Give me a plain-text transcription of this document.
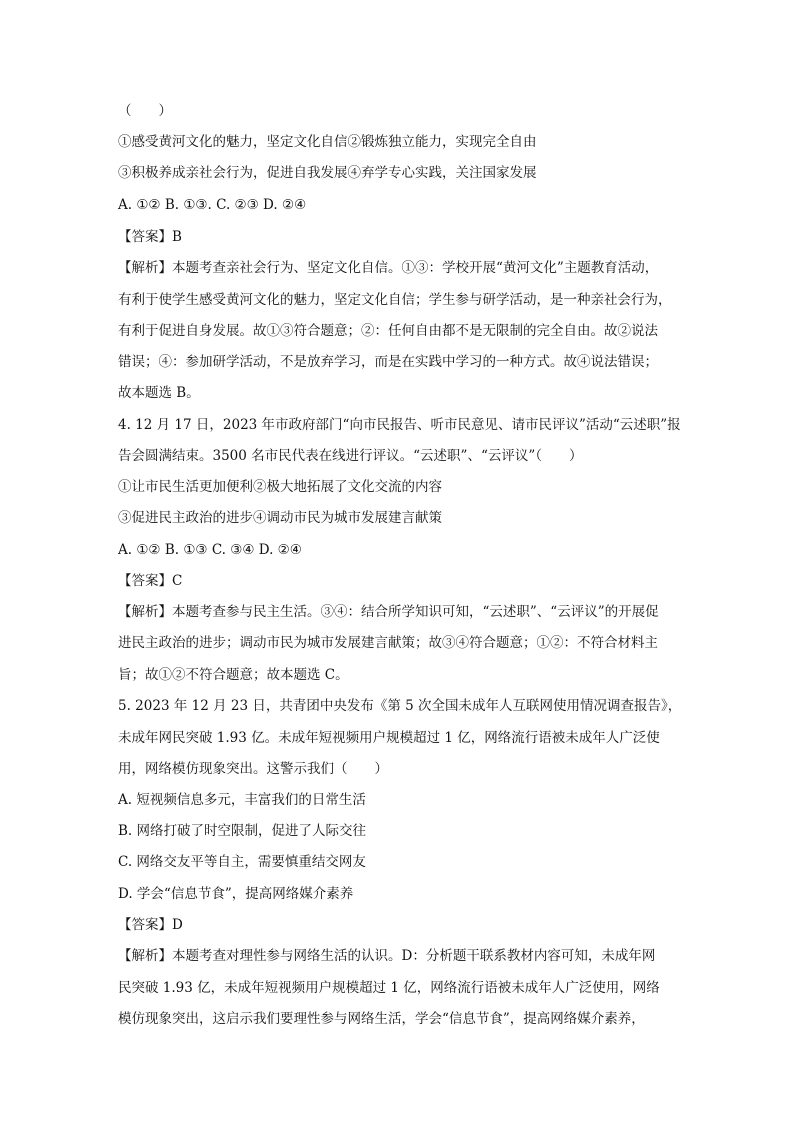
（　　）
①感受黄河文化的魅力，坚定文化自信②锻炼独立能力，实现完全自由
③积极养成亲社会行为，促进自我发展④弃学专心实践，关注国家发展
A. ①② B. ①③. C. ②③ D. ②④
【答案】B
【解析】本题考查亲社会行为、坚定文化自信。①③：学校开展“黄河文化”主题教育活动，
有利于使学生感受黄河文化的魅力，坚定文化自信；学生参与研学活动，是一种亲社会行为，
有利于促进自身发展。故①③符合题意；②：任何自由都不是无限制的完全自由。故②说法
错误；④：参加研学活动，不是放弃学习，而是在实践中学习的一种方式。故④说法错误；
故本题选 B。
4. 12 月 17 日，2023 年市政府部门“向市民报告、听市民意见、请市民评议”活动“云述职”报
告会圆满结束。3500 名市民代表在线进行评议。“云述职”、“云评议”（　　）
①让市民生活更加便利②极大地拓展了文化交流的内容
③促进民主政治的进步④调动市民为城市发展建言献策
A. ①② B. ①③ C. ③④ D. ②④
【答案】C
【解析】本题考查参与民主生活。③④：结合所学知识可知，“云述职”、“云评议”的开展促
进民主政治的进步；调动市民为城市发展建言献策；故③④符合题意；①②：不符合材料主
旨；故①②不符合题意；故本题选 C。
5. 2023 年 12 月 23 日，共青团中央发布《第 5 次全国未成年人互联网使用情况调查报告》，
未成年网民突破 1.93 亿。未成年短视频用户规模超过 1 亿，网络流行语被未成年人广泛使
用，网络模仿现象突出。这警示我们（　　）
A. 短视频信息多元，丰富我们的日常生活
B. 网络打破了时空限制，促进了人际交往
C. 网络交友平等自主，需要慎重结交网友
D. 学会“信息节食”，提高网络媒介素养
【答案】D
【解析】本题考查对理性参与网络生活的认识。D：分析题干联系教材内容可知，未成年网
民突破 1.93 亿，未成年短视频用户规模超过 1 亿，网络流行语被未成年人广泛使用，网络
模仿现象突出，这启示我们要理性参与网络生活，学会“信息节食”，提高网络媒介素养，
